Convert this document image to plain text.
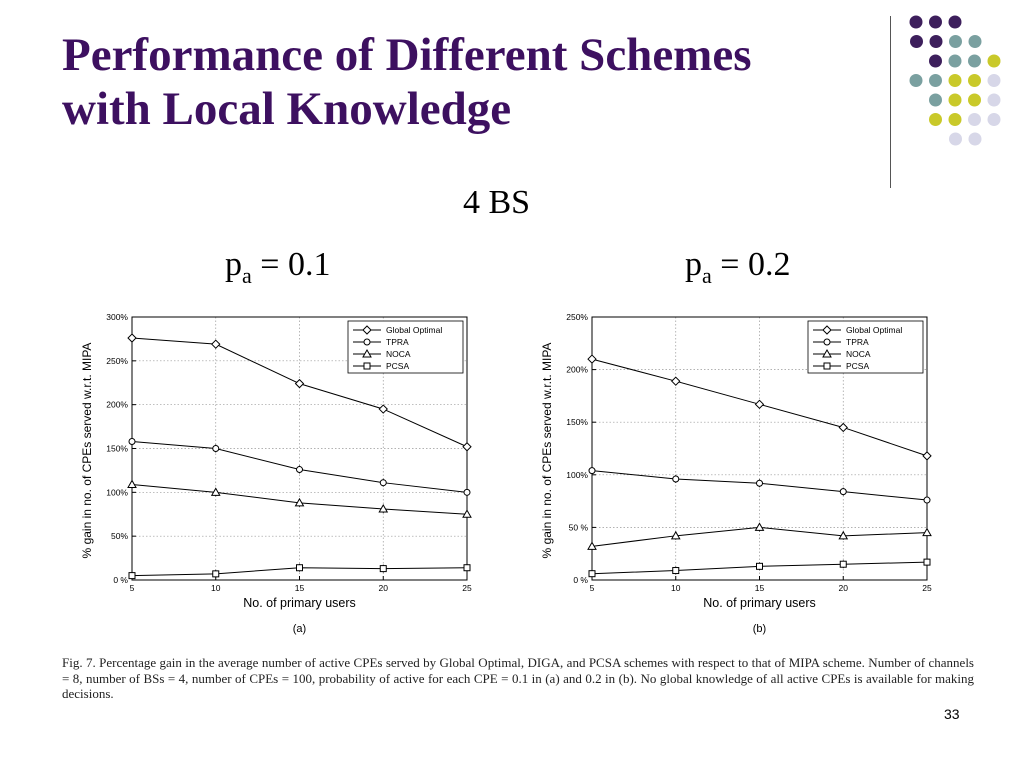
Performance of Different Schemes
with Local Knowledge
4 BS
$p_a = 0.1$	$p_a = 0.2$
0 %
50%
100%
150%
200%
250%
300%
5	10	15	20	25
No. of primary users
% gain in no. of CPEs served w.r.t. MIPA
Global Optimal
TPRA
NOCA
PCSA
(a)
0 %
50 %
100%
150%
200%
250%
5	10	15	20	25
No. of primary users
% gain in no. of CPEs served w.r.t. MIPA
Global Optimal
TPRA
NOCA
PCSA
(b)
Fig. 7. Percentage gain in the average number of active CPEs served by Global Optimal, DIGA, and PCSA schemes with respect to that of MIPA scheme. Number of channels = 8, number of BSs = 4, number of CPEs = 100, probability of active for each CPE = 0.1 in (a) and 0.2 in (b). No global knowledge of all active CPEs is available for making decisions.
33
